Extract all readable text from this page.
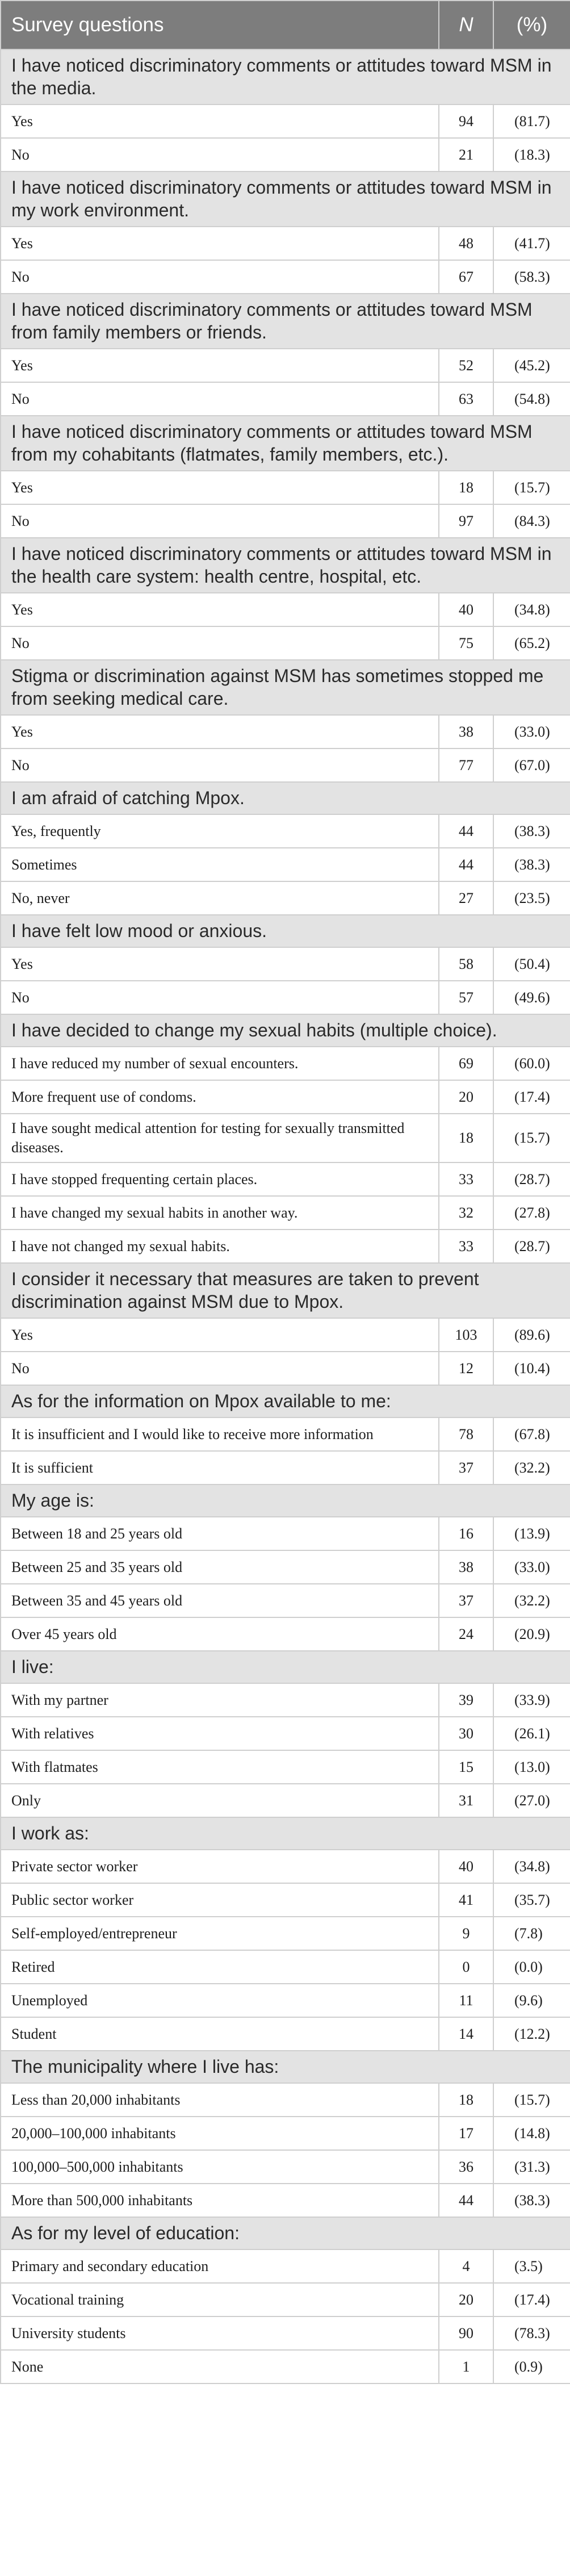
Survey questions	N	(%)
I have noticed discriminatory comments or attitudes toward MSM in the media.		
Yes	94	(81.7)
No	21	(18.3)
I have noticed discriminatory comments or attitudes toward MSM in my work environment.		
Yes	48	(41.7)
No	67	(58.3)
I have noticed discriminatory comments or attitudes toward MSM from family members or friends.		
Yes	52	(45.2)
No	63	(54.8)
I have noticed discriminatory comments or attitudes toward MSM from my cohabitants (flatmates, family members, etc.).		
Yes	18	(15.7)
No	97	(84.3)
I have noticed discriminatory comments or attitudes toward MSM in the health care system: health centre, hospital, etc.		
Yes	40	(34.8)
No	75	(65.2)
Stigma or discrimination against MSM has sometimes stopped me from seeking medical care.		
Yes	38	(33.0)
No	77	(67.0)
I am afraid of catching Mpox.		
Yes, frequently	44	(38.3)
Sometimes	44	(38.3)
No, never	27	(23.5)
I have felt low mood or anxious.		
Yes	58	(50.4)
No	57	(49.6)
I have decided to change my sexual habits (multiple choice).		
I have reduced my number of sexual encounters.	69	(60.0)
More frequent use of condoms.	20	(17.4)
I have sought medical attention for testing for sexually transmitted diseases.	18	(15.7)
I have stopped frequenting certain places.	33	(28.7)
I have changed my sexual habits in another way.	32	(27.8)
I have not changed my sexual habits.	33	(28.7)
I consider it necessary that measures are taken to prevent discrimination against MSM due to Mpox.		
Yes	103	(89.6)
No	12	(10.4)
As for the information on Mpox available to me:		
It is insufficient and I would like to receive more information	78	(67.8)
It is sufficient	37	(32.2)
My age is:		
Between 18 and 25 years old	16	(13.9)
Between 25 and 35 years old	38	(33.0)
Between 35 and 45 years old	37	(32.2)
Over 45 years old	24	(20.9)
I live:		
With my partner	39	(33.9)
With relatives	30	(26.1)
With flatmates	15	(13.0)
Only	31	(27.0)
I work as:		
Private sector worker	40	(34.8)
Public sector worker	41	(35.7)
Self-employed/entrepreneur	9	(7.8)
Retired	0	(0.0)
Unemployed	11	(9.6)
Student	14	(12.2)
The municipality where I live has:		
Less than 20,000 inhabitants	18	(15.7)
20,000–100,000 inhabitants	17	(14.8)
100,000–500,000 inhabitants	36	(31.3)
More than 500,000 inhabitants	44	(38.3)
As for my level of education:		
Primary and secondary education	4	(3.5)
Vocational training	20	(17.4)
University students	90	(78.3)
None	1	(0.9)
